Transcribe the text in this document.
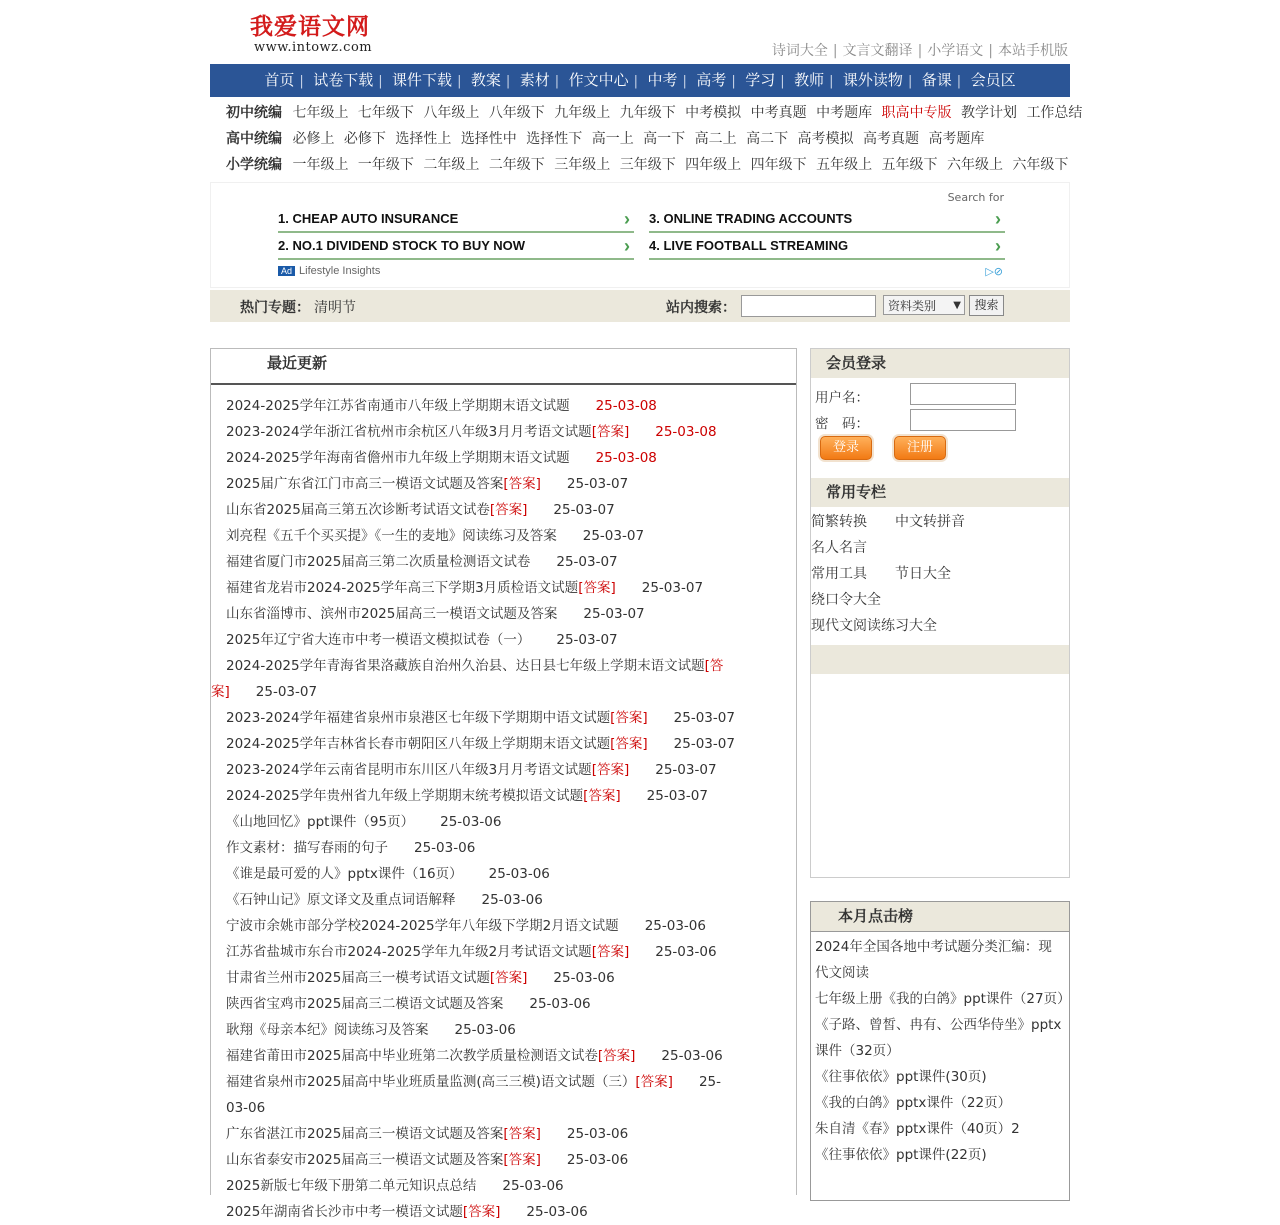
我爱语文网
www.intowz.com	诗词大全 | 文言文翻译 | 小学语文 | 本站手机版
首页 | 试卷下载 | 课件下载 | 教案 | 素材 | 作文中心 | 中考 | 高考 | 学习 | 教师 | 课外读物 | 备课 | 会员区
初中统编 七年级上 七年级下 八年级上 八年级下 九年级上 九年级下 中考模拟 中考真题 中考题库 职高中专版 教学计划 工作总结
高中统编 必修上 必修下 选择性上 选择性中 选择性下 高一上 高一下 高二上 高二下 高考模拟 高考真题 高考题库
小学统编 一年级上 一年级下 二年级上 二年级下 三年级上 三年级下 四年级上 四年级下 五年级上 五年级下 六年级上 六年级下
Search for
1. CHEAP AUTO INSURANCE	›
2. NO.1 DIVIDEND STOCK TO BUY NOW	›
3. ONLINE TRADING ACCOUNTS	›
4. LIVE FOOTBALL STREAMING	›
Ad Lifestyle Insights	▷⊘
热门专题： 清明节	站内搜索：	资料类别 ▼	搜索
最近更新
2024-2025学年江苏省南通市八年级上学期期末语文试题 25-03-08
2023-2024学年浙江省杭州市余杭区八年级3月月考语文试题[答案] 25-03-08
2024-2025学年海南省儋州市九年级上学期期末语文试题 25-03-08
2025届广东省江门市高三一模语文试题及答案[答案] 25-03-07
山东省2025届高三第五次诊断考试语文试卷[答案] 25-03-07
刘亮程《五千个买买提》《一生的麦地》阅读练习及答案 25-03-07
福建省厦门市2025届高三第二次质量检测语文试卷 25-03-07
福建省龙岩市2024-2025学年高三下学期3月质检语文试题[答案] 25-03-07
山东省淄博市、滨州市2025届高三一模语文试题及答案 25-03-07
2025年辽宁省大连市中考一模语文模拟试卷（一） 25-03-07
2024-2025学年青海省果洛藏族自治州久治县、达日县七年级上学期末语文试题[答案] 25-03-07
2023-2024学年福建省泉州市泉港区七年级下学期期中语文试题[答案] 25-03-07
2024-2025学年吉林省长春市朝阳区八年级上学期期末语文试题[答案] 25-03-07
2023-2024学年云南省昆明市东川区八年级3月月考语文试题[答案] 25-03-07
2024-2025学年贵州省九年级上学期期末统考模拟语文试题[答案] 25-03-07
《山地回忆》ppt课件（95页） 25-03-06
作文素材：描写春雨的句子 25-03-06
《谁是最可爱的人》pptx课件（16页） 25-03-06
《石钟山记》原文译文及重点词语解释 25-03-06
宁波市余姚市部分学校2024-2025学年八年级下学期2月语文试题 25-03-06
江苏省盐城市东台市2024-2025学年九年级2月考试语文试题[答案] 25-03-06
甘肃省兰州市2025届高三一模考试语文试题[答案] 25-03-06
陕西省宝鸡市2025届高三二模语文试题及答案 25-03-06
耿翔《母亲本纪》阅读练习及答案 25-03-06
福建省莆田市2025届高中毕业班第二次教学质量检测语文试卷[答案] 25-03-06
福建省泉州市2025届高中毕业班质量监测(高三三模)语文试题（三）[答案] 25-03-06
广东省湛江市2025届高三一模语文试题及答案[答案] 25-03-06
山东省泰安市2025届高三一模语文试题及答案[答案] 25-03-06
2025新版七年级下册第二单元知识点总结 25-03-06
2025年湖南省长沙市中考一模语文试题[答案] 25-03-06
会员登录
用户名：
密　码：
登录	注册
常用专栏
简繁转换 中文转拼音
名人名言
常用工具 节日大全
绕口令大全
现代文阅读练习大全
本月点击榜
2024年全国各地中考试题分类汇编：现代文阅读
七年级上册《我的白鸽》ppt课件（27页）
《子路、曾皙、冉有、公西华侍坐》pptx课件（32页）
《往事依依》ppt课件(30页)
《我的白鸽》pptx课件（22页）
朱自清《春》pptx课件（40页）2
《往事依依》ppt课件(22页)
